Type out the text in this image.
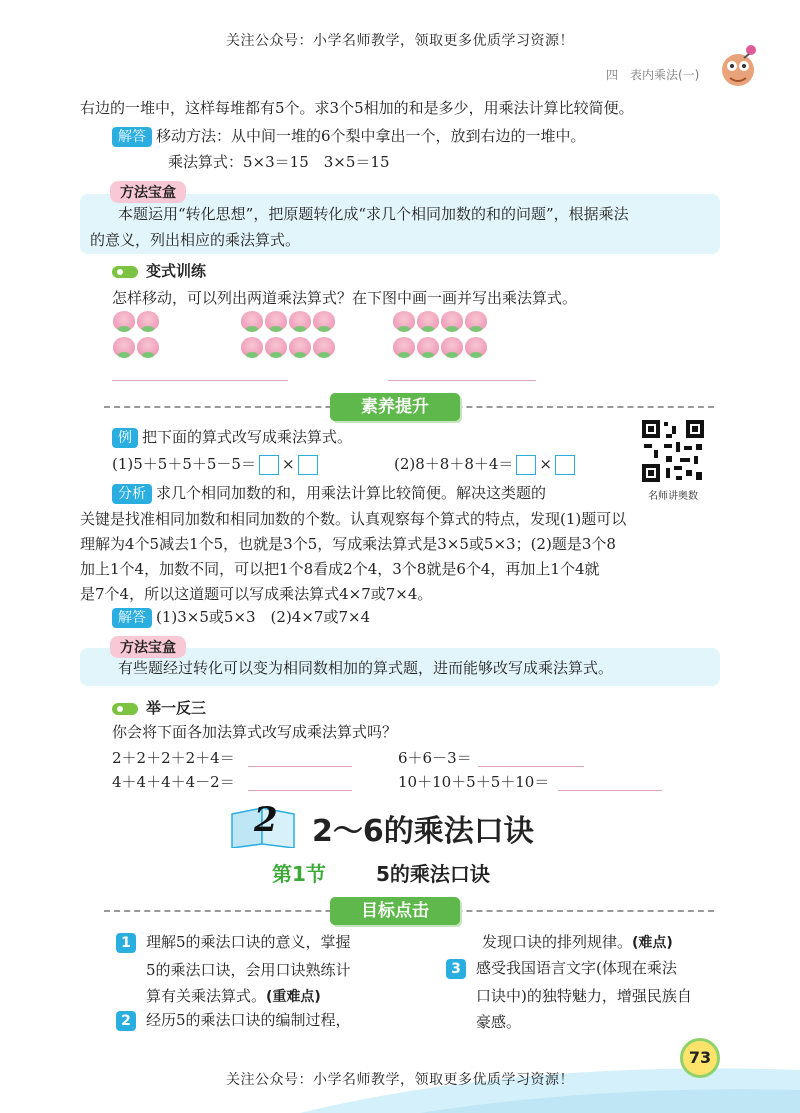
关注公众号：小学名师教学，领取更多优质学习资源！
四　表内乘法(一)
右边的一堆中，这样每堆都有5个。求3个5相加的和是多少，用乘法计算比较简便。
解答 移动方法：从中间一堆的6个梨中拿出一个，放到右边的一堆中。
乘法算式：5×3＝15　3×5＝15
方法宝盒
本题运用“转化思想”，把原题转化成“求几个相同加数的和的问题”，根据乘法
的意义，列出相应的乘法算式。
变式训练
怎样移动，可以列出两道乘法算式？在下图中画一画并写出乘法算式。

素养提升
例 把下面的算式改写成乘法算式。
(1)5＋5＋5＋5－5＝ ×	(2)8＋8＋8＋4＝ ×
名师讲奥数
分析 求几个相同加数的和，用乘法计算比较简便。解决这类题的
关键是找准相同加数和相同加数的个数。认真观察每个算式的特点，发现(1)题可以
理解为4个5减去1个5，也就是3个5，写成乘法算式是3×5或5×3；(2)题是3个8
加上1个4，加数不同，可以把1个8看成2个4，3个8就是6个4，再加上1个4就
是7个4，所以这道题可以写成乘法算式4×7或7×4。
解答 (1)3×5或5×3　(2)4×7或7×4
方法宝盒
有些题经过转化可以变为相同数相加的算式题，进而能够改写成乘法算式。
举一反三
你会将下面各加法算式改写成乘法算式吗？
2＋2＋2＋2＋4＝	6＋6－3＝
4＋4＋4＋4－2＝	10＋10＋5＋5＋10＝
2 2～6的乘法口诀
第1节	5的乘法口诀
目标点击
1	理解5的乘法口诀的意义，掌握
5的乘法口诀，会用口诀熟练计
算有关乘法算式。(重难点)
2	经历5的乘法口诀的编制过程，
发现口诀的排列规律。(难点)
3	感受我国语言文字(体现在乘法
口诀中)的独特魅力，增强民族自
豪感。
73
关注公众号：小学名师教学，领取更多优质学习资源！
